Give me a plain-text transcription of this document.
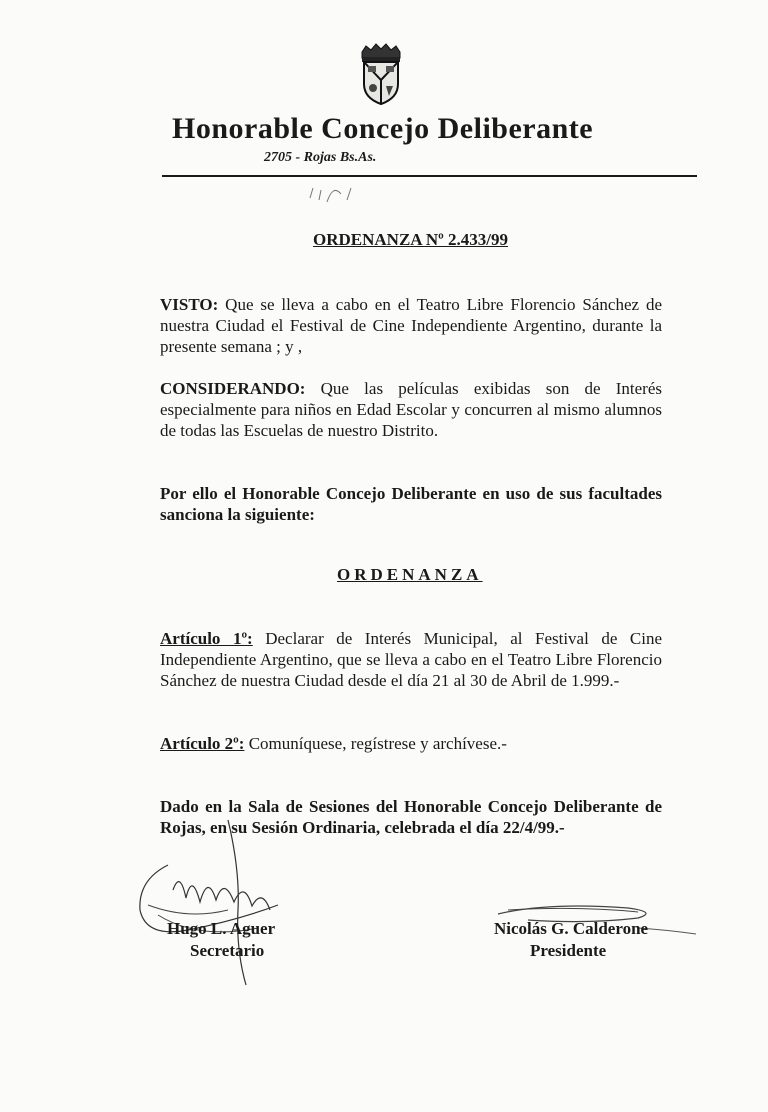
Honorable Concejo Deliberante
2705 - Rojas Bs.As.
ORDENANZA Nº 2.433/99
VISTO: Que se lleva a cabo en el Teatro Libre Florencio Sánchez de nuestra Ciudad el Festival de Cine Independiente Argentino, durante la presente semana ; y ,
CONSIDERANDO: Que las películas exibidas son de Interés especialmente para niños en Edad Escolar y concurren al mismo alumnos de todas las Escuelas de nuestro Distrito.
Por ello el Honorable Concejo Deliberante en uso de sus facultades sanciona la siguiente:
ORDENANZA
Artículo 1º: Declarar de Interés Municipal, al Festival de Cine Independiente Argentino, que se lleva a cabo en el Teatro Libre Florencio Sánchez de nuestra Ciudad desde el día 21 al 30 de Abril de 1.999.-
Artículo 2º: Comuníquese, regístrese y archívese.-
Dado en la Sala de Sesiones del Honorable Concejo Deliberante de Rojas, en su Sesión Ordinaria, celebrada el día 22/4/99.-
Hugo L. Aguer
Secretario
Nicolás G. Calderone
Presidente
